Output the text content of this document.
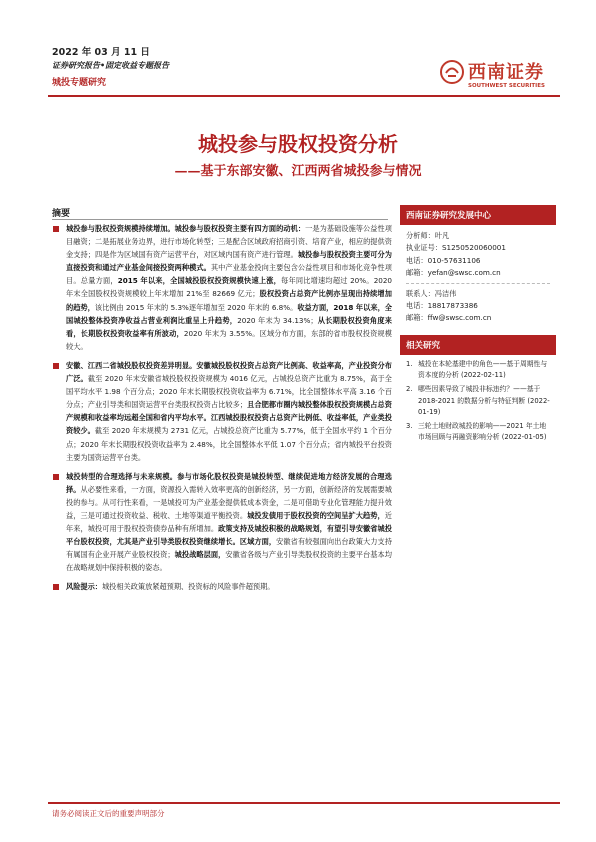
2022 年 03 月 11 日
证券研究报告•固定收益专题报告
城投专题研究	西南证券
SOUTHWEST SECURITIES
城投参与股权投资分析
——基于东部安徽、江西两省城投参与情况
摘要
城投参与股权投资规模持续增加。城投参与股权投资主要有四方面的动机：一是为基础设施等公益性项目融资；二是拓展业务边界，进行市场化转型；三是配合区域政府招商引资、培育产业，相应的提供资金支持；四是作为区域国有资产运营平台，对区域内国有资产进行管理。城投参与股权投资主要可分为直接投资和通过产业基金间接投资两种模式。其中产业基金投向主要包含公益性项目和市场化竞争性项目。总量方面，2015 年以来，全国城投股权投资规模快速上涨，每年同比增速均超过 20%。2020 年末全国股权投资规模较上年末增加 21%至 82669 亿元；股权投资占总资产比例亦呈现出持续增加的趋势，该比例由 2015 年末的 5.3%逐年增加至 2020 年末的 6.8%。收益方面，2018 年以来，全国城投整体投资净收益占营业利润比重呈上升趋势，2020 年末为 34.13%；从长期股权投资角度来看，长期股权投资收益率有所波动，2020 年末为 3.55%。区域分布方面，东部的省市股权投资规模较大。
安徽、江西二省城投股权投资差异明显。安徽城投股权投资占总资产比例高、收益率高，产业投资分布广泛。截至 2020 年末安徽省城投股权投资规模为 4016 亿元，占城投总资产比重为 8.75%，高于全国平均水平 1.98 个百分点；2020 年末长期股权投资收益率为 6.71%，比全国整体水平高 3.16 个百分点；产业引导类和国资运营平台类股权投资占比较多；且合肥都市圈内城投整体股权投资规模占总资产规模和收益率均远超全国和省内平均水平。江西城投股权投资占总资产比例低、收益率低，产业类投资较少。截至 2020 年末规模为 2731 亿元，占城投总资产比重为 5.77%，低于全国水平约 1 个百分点；2020 年末长期股权投资收益率为 2.48%，比全国整体水平低 1.07 个百分点；省内城投平台投资主要为国资运营平台类。
城投转型的合理选择与未来规模。参与市场化股权投资是城投转型、继续促进地方经济发展的合理选择。从必要性来看，一方面，资源投入需转入效率更高的创新经济，另一方面，创新经济的发展需要城投的参与。从可行性来看，一是城投可为产业基金提供低成本资金，二是可借助专业化管理能力提升效益，三是可通过投资收益、税收、土地等渠道平衡投资。城投发债用于股权投资的空间呈扩大趋势，近年来，城投可用于股权投资债券品种有所增加。政策支持及城投积极的战略规划，有望引导安徽省城投平台股权投资，尤其是产业引导类股权投资继续增长。区域方面，安徽省有较强面向出台政策大力支持有属国有企业开展产业股权投资；城投战略层面，安徽省各级与产业引导类股权投资的主要平台基本均在战略规划中保持积极的姿态。
风险提示：城投相关政策放紧超预期、投资标的风险事件超预期。
西南证券研究发展中心
分析师：叶凡
执业证号：S1250520060001
电话：010-57631106
邮箱：yefan@swsc.com.cn
联系人：冯洁伟
电话：18817873386
邮箱：ffw@swsc.com.cn
相关研究
1. 城投在本轮基建中的角色——基于周期性与资本度的分析 (2022-02-11)
2. 哪些因素导致了城投非标违约？——基于 2018-2021 的数据分析与特征判断 (2022-01-19)
3. 三轮土地财政城投的影响——2021 年土地市场回顾与再融资影响分析 (2022-01-05)
请务必阅读正文后的重要声明部分
